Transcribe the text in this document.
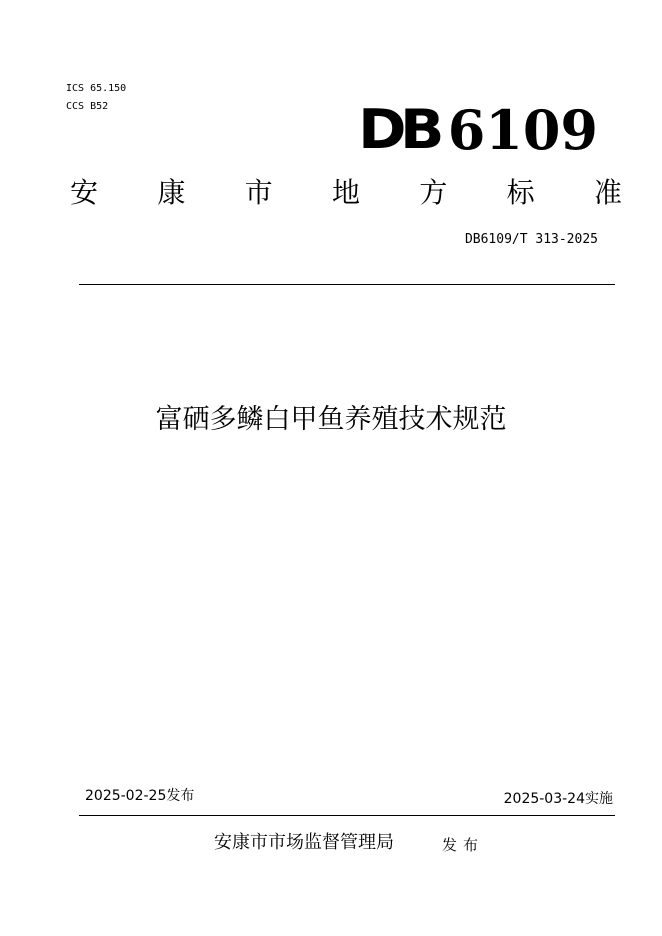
ICS 65.150
CCS B52	DB 6109
安 康 市 地 方 标 准
DB6109/T 313-2025
富硒多鳞白甲鱼养殖技术规范
2025-02-25发布	2025-03-24实施
安康市市场监督管理局	发布
